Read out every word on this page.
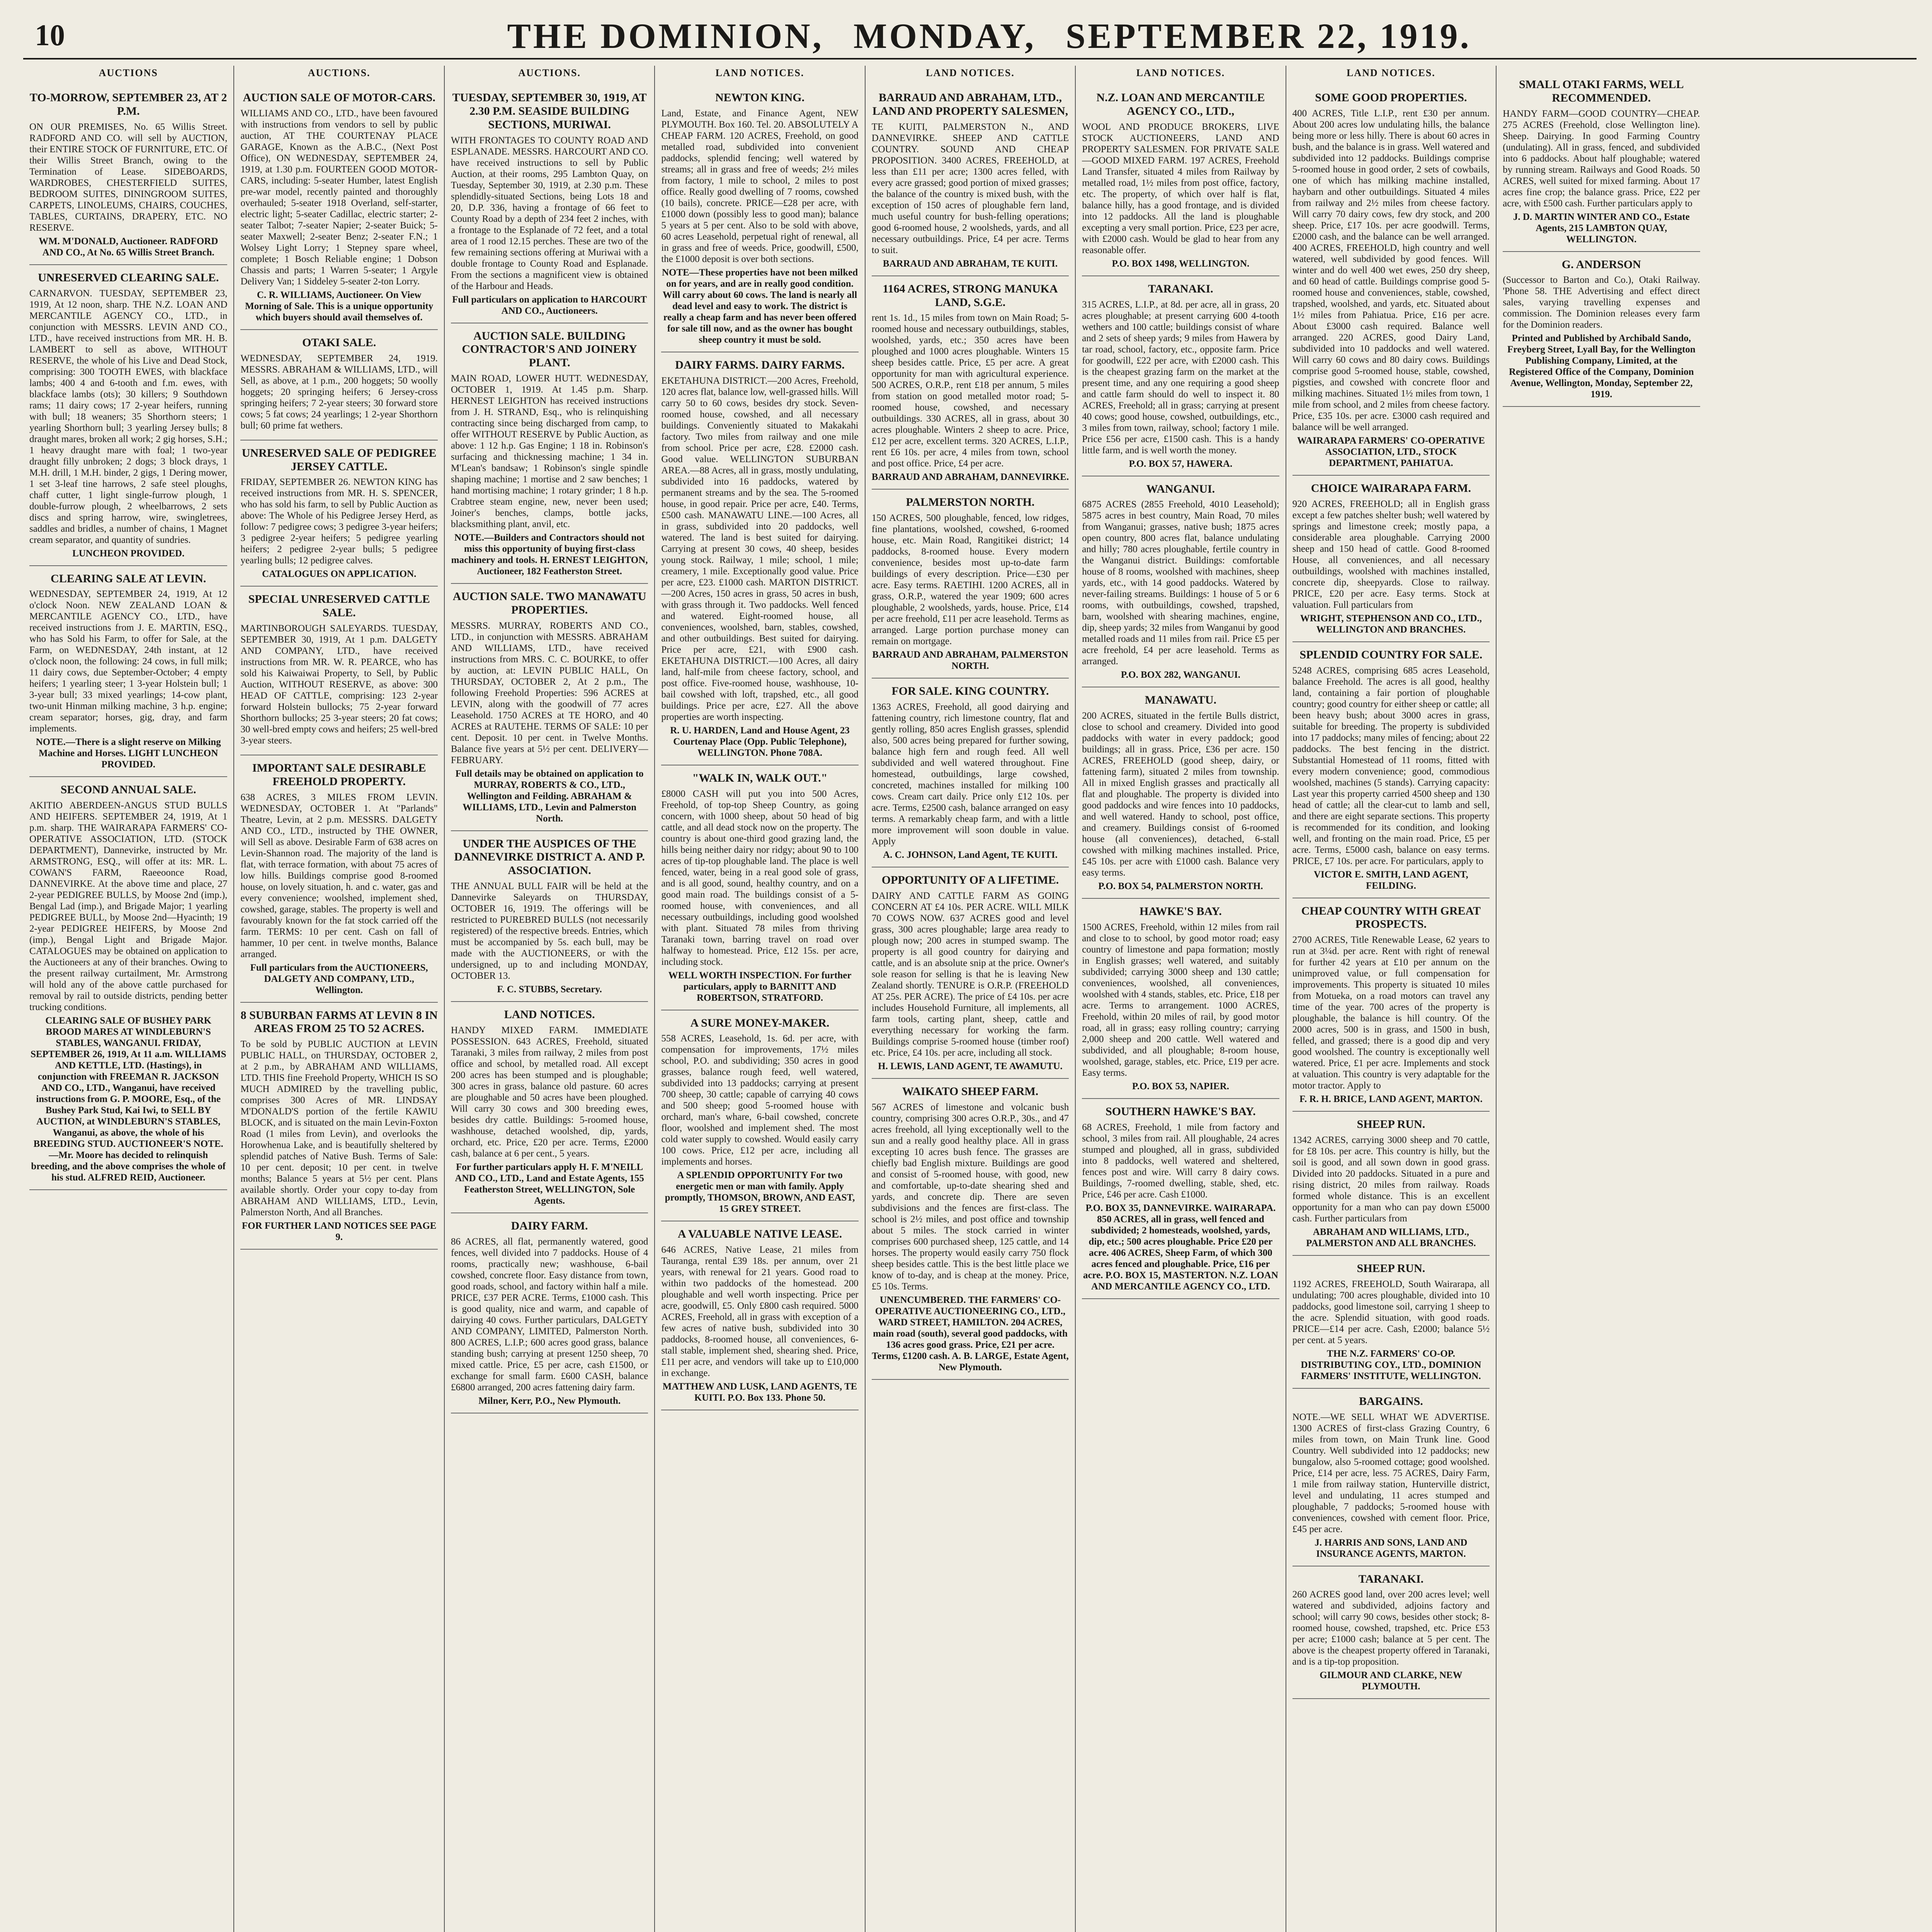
10	THE DOMINION, MONDAY, SEPTEMBER 22, 1919.
AUCTIONS
TO-MORROW, SEPTEMBER 23, AT 2 P.M.

ON OUR PREMISES, No. 65 Willis Street. RADFORD AND CO. will sell by AUCTION, their ENTIRE STOCK OF FURNITURE, ETC. Of their Willis Street Branch, owing to the Termination of Lease. SIDEBOARDS, WARDROBES, CHESTERFIELD SUITES, BEDROOM SUITES, DININGROOM SUITES, CARPETS, LINOLEUMS, CHAIRS, COUCHES, TABLES, CURTAINS, DRAPERY, ETC. NO RESERVE.

WM. M'DONALD, Auctioneer. RADFORD AND CO., At No. 65 Willis Street Branch.
UNRESERVED CLEARING SALE.

CARNARVON. TUESDAY, SEPTEMBER 23, 1919, At 12 noon, sharp. THE N.Z. LOAN AND MERCANTILE AGENCY CO., LTD., in conjunction with MESSRS. LEVIN AND CO., LTD., have received instructions from MR. H. B. LAMBERT to sell as above, WITHOUT RESERVE, the whole of his Live and Dead Stock, comprising: 300 TOOTH EWES, with blackface lambs; 400 4 and 6-tooth and f.m. ewes, with blackface lambs (ots); 30 killers; 9 Southdown rams; 11 dairy cows; 17 2-year heifers, running with bull; 18 weaners; 35 Shorthorn steers; 1 yearling Shorthorn bull; 3 yearling Jersey bulls; 8 draught mares, broken all work; 2 gig horses, S.H.; 1 heavy draught mare with foal; 1 two-year draught filly unbroken; 2 dogs; 3 block drays, 1 M.H. drill, 1 M.H. binder, 2 gigs, 1 Dering mower, 1 set 3-leaf tine harrows, 2 safe steel ploughs, chaff cutter, 1 light single-furrow plough, 1 double-furrow plough, 2 wheelbarrows, 2 sets discs and spring harrow, wire, swingletrees, saddles and bridles, a number of chains, 1 Magnet cream separator, and quantity of sundries.

LUNCHEON PROVIDED.
CLEARING SALE AT LEVIN.

WEDNESDAY, SEPTEMBER 24, 1919, At 12 o'clock Noon. NEW ZEALAND LOAN & MERCANTILE AGENCY CO., LTD., have received instructions from J. E. MARTIN, ESQ., who has Sold his Farm, to offer for Sale, at the Farm, on WEDNESDAY, 24th instant, at 12 o'clock noon, the following: 24 cows, in full milk; 11 dairy cows, due September-October; 4 empty heifers; 1 yearling steer; 1 3-year Holstein bull; 1 3-year bull; 33 mixed yearlings; 14-cow plant, two-unit Hinman milking machine, 3 h.p. engine; cream separator; horses, gig, dray, and farm implements.

NOTE.—There is a slight reserve on Milking Machine and Horses. LIGHT LUNCHEON PROVIDED.
SECOND ANNUAL SALE.

AKITIO ABERDEEN-ANGUS STUD BULLS AND HEIFERS. SEPTEMBER 24, 1919, At 1 p.m. sharp. THE WAIRARAPA FARMERS' CO-OPERATIVE ASSOCIATION, LTD. (STOCK DEPARTMENT), Dannevirke, instructed by Mr. ARMSTRONG, ESQ., will offer at its: MR. L. COWAN'S FARM, Raeeoonce Road, DANNEVIRKE. At the above time and place, 27 2-year PEDIGREE BULLS, by Moose 2nd (imp.), Bengal Lad (imp.), and Brigade Major; 1 yearling PEDIGREE BULL, by Moose 2nd—Hyacinth; 19 2-year PEDIGREE HEIFERS, by Moose 2nd (imp.), Bengal Light and Brigade Major. CATALOGUES may be obtained on application to the Auctioneers at any of their branches. Owing to the present railway curtailment, Mr. Armstrong will hold any of the above cattle purchased for removal by rail to outside districts, pending better trucking conditions.

CLEARING SALE OF BUSHEY PARK BROOD MARES AT WINDLEBURN'S STABLES, WANGANUI. FRIDAY, SEPTEMBER 26, 1919, At 11 a.m. WILLIAMS AND KETTLE, LTD. (Hastings), in conjunction with FREEMAN R. JACKSON AND CO., LTD., Wanganui, have received instructions from G. P. MOORE, Esq., of the Bushey Park Stud, Kai Iwi, to SELL BY AUCTION, at WINDLEBURN'S STABLES, Wanganui, as above, the whole of his BREEDING STUD. AUCTIONEER'S NOTE.—Mr. Moore has decided to relinquish breeding, and the above comprises the whole of his stud. ALFRED REID, Auctioneer.
AUCTIONS.
AUCTION SALE OF MOTOR-CARS.

WILLIAMS AND CO., LTD., have been favoured with instructions from vendors to sell by public auction, AT THE COURTENAY PLACE GARAGE, Known as the A.B.C., (Next Post Office), ON WEDNESDAY, SEPTEMBER 24, 1919, at 1.30 p.m. FOURTEEN GOOD MOTOR-CARS, including: 5-seater Humber, latest English pre-war model, recently painted and thoroughly overhauled; 5-seater 1918 Overland, self-starter, electric light; 5-seater Cadillac, electric starter; 2-seater Talbot; 7-seater Napier; 2-seater Buick; 5-seater Maxwell; 2-seater Benz; 2-seater F.N.; 1 Wolsey Light Lorry; 1 Stepney spare wheel, complete; 1 Bosch Reliable engine; 1 Dobson Chassis and parts; 1 Warren 5-seater; 1 Argyle Delivery Van; 1 Siddeley 5-seater 2-ton Lorry.

C. R. WILLIAMS, Auctioneer. On View Morning of Sale. This is a unique opportunity which buyers should avail themselves of.
OTAKI SALE.

WEDNESDAY, SEPTEMBER 24, 1919. MESSRS. ABRAHAM & WILLIAMS, LTD., will Sell, as above, at 1 p.m., 200 hoggets; 50 woolly hoggets; 20 springing heifers; 6 Jersey-cross springing heifers; 7 2-year steers; 30 forward store cows; 5 fat cows; 24 yearlings; 1 2-year Shorthorn bull; 60 prime fat wethers.

UNRESERVED SALE OF PEDIGREE JERSEY CATTLE.

FRIDAY, SEPTEMBER 26. NEWTON KING has received instructions from MR. H. S. SPENCER, who has sold his farm, to sell by Public Auction as above: The Whole of his Pedigree Jersey Herd, as follow: 7 pedigree cows; 3 pedigree 3-year heifers; 3 pedigree 2-year heifers; 5 pedigree yearling heifers; 2 pedigree 2-year bulls; 5 pedigree yearling bulls; 12 pedigree calves.

CATALOGUES ON APPLICATION.
SPECIAL UNRESERVED CATTLE SALE.

MARTINBOROUGH SALEYARDS. TUESDAY, SEPTEMBER 30, 1919, At 1 p.m. DALGETY AND COMPANY, LTD., have received instructions from MR. W. R. PEARCE, who has sold his Kaiwaiwai Property, to Sell, by Public Auction, WITHOUT RESERVE, as above: 300 HEAD OF CATTLE, comprising: 123 2-year forward Holstein bullocks; 75 2-year forward Shorthorn bullocks; 25 3-year steers; 20 fat cows; 30 well-bred empty cows and heifers; 25 well-bred 3-year steers.

IMPORTANT SALE DESIRABLE FREEHOLD PROPERTY.

638 ACRES, 3 MILES FROM LEVIN. WEDNESDAY, OCTOBER 1. At "Parlands" Theatre, Levin, at 2 p.m. MESSRS. DALGETY AND CO., LTD., instructed by THE OWNER, will Sell as above. Desirable Farm of 638 acres on Levin-Shannon road. The majority of the land is flat, with terrace formation, with about 75 acres of low hills. Buildings comprise good 8-roomed house, on lovely situation, h. and c. water, gas and every convenience; woolshed, implement shed, cowshed, garage, stables. The property is well and favourably known for the fat stock carried off the farm. TERMS: 10 per cent. Cash on fall of hammer, 10 per cent. in twelve months, Balance arranged.

Full particulars from the AUCTIONEERS, DALGETY AND COMPANY, LTD., Wellington.
8 SUBURBAN FARMS AT LEVIN 8 IN AREAS FROM 25 TO 52 ACRES.

To be sold by PUBLIC AUCTION at LEVIN PUBLIC HALL, on THURSDAY, OCTOBER 2, at 2 p.m., by ABRAHAM AND WILLIAMS, LTD. THIS fine Freehold Property, WHICH IS SO MUCH ADMIRED by the travelling public, comprises 300 Acres of MR. LINDSAY M'DONALD'S portion of the fertile KAWIU BLOCK, and is situated on the main Levin-Foxton Road (1 miles from Levin), and overlooks the Horowhenua Lake, and is beautifully sheltered by splendid patches of Native Bush. Terms of Sale: 10 per cent. deposit; 10 per cent. in twelve months; Balance 5 years at 5½ per cent. Plans available shortly. Order your copy to-day from ABRAHAM AND WILLIAMS, LTD., Levin, Palmerston North, And all Branches.

FOR FURTHER LAND NOTICES SEE PAGE 9.
AUCTIONS.
TUESDAY, SEPTEMBER 30, 1919, AT 2.30 P.M. SEASIDE BUILDING SECTIONS, MURIWAI.

WITH FRONTAGES TO COUNTY ROAD AND ESPLANADE. MESSRS. HARCOURT AND CO. have received instructions to sell by Public Auction, at their rooms, 295 Lambton Quay, on Tuesday, September 30, 1919, at 2.30 p.m. These splendidly-situated Sections, being Lots 18 and 20, D.P. 336, having a frontage of 66 feet to County Road by a depth of 234 feet 2 inches, with a frontage to the Esplanade of 72 feet, and a total area of 1 rood 12.15 perches. These are two of the few remaining sections offering at Muriwai with a double frontage to County Road and Esplanade. From the sections a magnificent view is obtained of the Harbour and Heads.

Full particulars on application to HARCOURT AND CO., Auctioneers.
AUCTION SALE. BUILDING CONTRACTOR'S AND JOINERY PLANT.

MAIN ROAD, LOWER HUTT. WEDNESDAY, OCTOBER 1, 1919. At 1.45 p.m. Sharp. HERNEST LEIGHTON has received instructions from J. H. STRAND, Esq., who is relinquishing contracting since being discharged from camp, to offer WITHOUT RESERVE by Public Auction, as above: 1 12 h.p. Gas Engine; 1 18 in. Robinson's surfacing and thicknessing machine; 1 34 in. M'Lean's bandsaw; 1 Robinson's single spindle shaping machine; 1 mortise and 2 saw benches; 1 hand mortising machine; 1 rotary grinder; 1 8 h.p. Crabtree steam engine, new, never been used; Joiner's benches, clamps, bottle jacks, blacksmithing plant, anvil, etc.

NOTE.—Builders and Contractors should not miss this opportunity of buying first-class machinery and tools. H. ERNEST LEIGHTON, Auctioneer, 182 Featherston Street.
AUCTION SALE. TWO MANAWATU PROPERTIES.

MESSRS. MURRAY, ROBERTS AND CO., LTD., in conjunction with MESSRS. ABRAHAM AND WILLIAMS, LTD., have received instructions from MRS. C. C. BOURKE, to offer by auction, at: LEVIN PUBLIC HALL, On THURSDAY, OCTOBER 2, At 2 p.m., The following Freehold Properties: 596 ACRES at LEVIN, along with the goodwill of 77 acres Leasehold. 1750 ACRES at TE HORO, and 40 ACRES at RAUTEHE. TERMS OF SALE: 10 per cent. Deposit. 10 per cent. in Twelve Months. Balance five years at 5½ per cent. DELIVERY—FEBRUARY.

Full details may be obtained on application to MURRAY, ROBERTS & CO., LTD., Wellington and Feilding. ABRAHAM & WILLIAMS, LTD., Levin and Palmerston North.
UNDER THE AUSPICES OF THE DANNEVIRKE DISTRICT A. AND P. ASSOCIATION.

THE ANNUAL BULL FAIR will be held at the Dannevirke Saleyards on THURSDAY, OCTOBER 16, 1919. The offerings will be restricted to PUREBRED BULLS (not necessarily registered) of the respective breeds. Entries, which must be accompanied by 5s. each bull, may be made with the AUCTIONEERS, or with the undersigned, up to and including MONDAY, OCTOBER 13.

F. C. STUBBS, Secretary.
LAND NOTICES.

HANDY MIXED FARM. IMMEDIATE POSSESSION. 643 ACRES, Freehold, situated Taranaki, 3 miles from railway, 2 miles from post office and school, by metalled road. All except 200 acres has been stumped and is ploughable; 300 acres in grass, balance old pasture. 60 acres are ploughable and 50 acres have been ploughed. Will carry 30 cows and 300 breeding ewes, besides dry cattle. Buildings: 5-roomed house, washhouse, detached woolshed, dip, yards, orchard, etc. Price, £20 per acre. Terms, £2000 cash, balance at 6 per cent., 5 years.

For further particulars apply H. F. M'NEILL AND CO., LTD., Land and Estate Agents, 155 Featherston Street, WELLINGTON, Sole Agents.
DAIRY FARM.

86 ACRES, all flat, permanently watered, good fences, well divided into 7 paddocks. House of 4 rooms, practically new; washhouse, 6-bail cowshed, concrete floor. Easy distance from town, good roads, school, and factory within half a mile. PRICE, £37 PER ACRE. Terms, £1000 cash. This is good quality, nice and warm, and capable of dairying 40 cows. Further particulars, DALGETY AND COMPANY, LIMITED, Palmerston North. 800 ACRES, L.I.P.; 600 acres good grass, balance standing bush; carrying at present 1250 sheep, 70 mixed cattle. Price, £5 per acre, cash £1500, or exchange for small farm. £600 CASH, balance £6800 arranged, 200 acres fattening dairy farm.

Milner, Kerr, P.O., New Plymouth.
LAND NOTICES.
NEWTON KING.

Land, Estate, and Finance Agent, NEW PLYMOUTH. Box 160. Tel. 20. ABSOLUTELY A CHEAP FARM. 120 ACRES, Freehold, on good metalled road, subdivided into convenient paddocks, splendid fencing; well watered by streams; all in grass and free of weeds; 2½ miles from factory, 1 mile to school, 2 miles to post office. Really good dwelling of 7 rooms, cowshed (10 bails), concrete. PRICE—£28 per acre, with £1000 down (possibly less to good man); balance 5 years at 5 per cent. Also to be sold with above, 60 acres Leasehold, perpetual right of renewal, all in grass and free of weeds. Price, goodwill, £500, the £1000 deposit is over both sections.

NOTE—These properties have not been milked on for years, and are in really good condition. Will carry about 60 cows. The land is nearly all dead level and easy to work. The district is really a cheap farm and has never been offered for sale till now, and as the owner has bought sheep country it must be sold.
DAIRY FARMS. DAIRY FARMS.

EKETAHUNA DISTRICT.—200 Acres, Freehold, 120 acres flat, balance low, well-grassed hills. Will carry 50 to 60 cows, besides dry stock. Seven-roomed house, cowshed, and all necessary buildings. Conveniently situated to Makakahi factory. Two miles from railway and one mile from school. Price per acre, £28. £2000 cash. Good value. WELLINGTON SUBURBAN AREA.—88 Acres, all in grass, mostly undulating, subdivided into 16 paddocks, watered by permanent streams and by the sea. The 5-roomed house, in good repair. Price per acre, £40. Terms, £500 cash. MANAWATU LINE.—100 Acres, all in grass, subdivided into 20 paddocks, well watered. The land is best suited for dairying. Carrying at present 30 cows, 40 sheep, besides young stock. Railway, 1 mile; school, 1 mile; creamery, 1 mile. Exceptionally good value. Price per acre, £23. £1000 cash. MARTON DISTRICT.—200 Acres, 150 acres in grass, 50 acres in bush, with grass through it. Two paddocks. Well fenced and watered. Eight-roomed house, all conveniences, woolshed, barn, stables, cowshed, and other outbuildings. Best suited for dairying. Price per acre, £21, with £900 cash. EKETAHUNA DISTRICT.—100 Acres, all dairy land, half-mile from cheese factory, school, and post office. Five-roomed house, washhouse, 10-bail cowshed with loft, trapshed, etc., all good buildings. Price per acre, £27. All the above properties are worth inspecting.

R. U. HARDEN, Land and House Agent, 23 Courtenay Place (Opp. Public Telephone), WELLINGTON. Phone 708A.
"WALK IN, WALK OUT."

£8000 CASH will put you into 500 Acres, Freehold, of top-top Sheep Country, as going concern, with 1000 sheep, about 50 head of big cattle, and all dead stock now on the property. The country is about one-third good grazing land, the hills being neither dairy nor ridgy; about 90 to 100 acres of tip-top ploughable land. The place is well fenced, water, being in a real good sole of grass, and is all good, sound, healthy country, and on a good main road. The buildings consist of a 5-roomed house, with conveniences, and all necessary outbuildings, including good woolshed with plant. Situated 78 miles from thriving Taranaki town, barring travel on road over halfway to homestead. Price, £12 15s. per acre, including stock.

WELL WORTH INSPECTION. For further particulars, apply to BARNITT AND ROBERTSON, STRATFORD.
A SURE MONEY-MAKER.

558 ACRES, Leasehold, 1s. 6d. per acre, with compensation for improvements, 17½ miles school, P.O. and subdividing; 350 acres in good grasses, balance rough feed, well watered, subdivided into 13 paddocks; carrying at present 700 sheep, 30 cattle; capable of carrying 40 cows and 500 sheep; good 5-roomed house with orchard, man's whare, 6-bail cowshed, concrete floor, woolshed and implement shed. The most cold water supply to cowshed. Would easily carry 100 cows. Price, £12 per acre, including all implements and horses.

A SPLENDID OPPORTUNITY For two energetic men or man with family. Apply promptly, THOMSON, BROWN, AND EAST, 15 GREY STREET.
A VALUABLE NATIVE LEASE.

646 ACRES, Native Lease, 21 miles from Tauranga, rental £39 18s. per annum, over 21 years, with renewal for 21 years. Good road to within two paddocks of the homestead. 200 ploughable and well worth inspecting. Price per acre, goodwill, £5. Only £800 cash required. 5000 ACRES, Freehold, all in grass with exception of a few acres of native bush, subdivided into 30 paddocks, 8-roomed house, all conveniences, 6-stall stable, implement shed, shearing shed. Price, £11 per acre, and vendors will take up to £10,000 in exchange.

MATTHEW AND LUSK, LAND AGENTS, TE KUITI. P.O. Box 133. Phone 50.
LAND NOTICES.
BARRAUD AND ABRAHAM, LTD., LAND AND PROPERTY SALESMEN,

TE KUITI, PALMERSTON N., AND DANNEVIRKE. SHEEP AND CATTLE COUNTRY. SOUND AND CHEAP PROPOSITION. 3400 ACRES, FREEHOLD, at less than £11 per acre; 1300 acres felled, with every acre grassed; good portion of mixed grasses; the balance of the country is mixed bush, with the exception of 150 acres of ploughable fern land, much useful country for bush-felling operations; good 6-roomed house, 2 woolsheds, yards, and all necessary outbuildings. Price, £4 per acre. Terms to suit.

BARRAUD AND ABRAHAM, TE KUITI.
1164 ACRES, STRONG MANUKA LAND, S.G.E.

rent 1s. 1d., 15 miles from town on Main Road; 5-roomed house and necessary outbuildings, stables, woolshed, yards, etc.; 350 acres have been ploughed and 1000 acres ploughable. Winters 15 sheep besides cattle. Price, £5 per acre. A great opportunity for man with agricultural experience. 500 ACRES, O.R.P., rent £18 per annum, 5 miles from station on good metalled motor road; 5-roomed house, cowshed, and necessary outbuildings. 330 ACRES, all in grass, about 30 acres ploughable. Winters 2 sheep to acre. Price, £12 per acre, excellent terms. 320 ACRES, L.I.P., rent £6 10s. per acre, 4 miles from town, school and post office. Price, £4 per acre.

BARRAUD AND ABRAHAM, DANNEVIRKE.
PALMERSTON NORTH.

150 ACRES, 500 ploughable, fenced, low ridges, fine plantations, woolshed, cowshed, 6-roomed house, etc. Main Road, Rangitikei district; 14 paddocks, 8-roomed house. Every modern convenience, besides most up-to-date farm buildings of every description. Price—£30 per acre. Easy terms. RAETIHI. 1200 ACRES, all in grass, O.R.P., watered the year 1909; 600 acres ploughable, 2 woolsheds, yards, house. Price, £14 per acre freehold, £11 per acre leasehold. Terms as arranged. Large portion purchase money can remain on mortgage.

BARRAUD AND ABRAHAM, PALMERSTON NORTH.
FOR SALE. KING COUNTRY.

1363 ACRES, Freehold, all good dairying and fattening country, rich limestone country, flat and gently rolling, 850 acres English grasses, splendid also, 500 acres being prepared for further sowing, balance high fern and rough feed. All well subdivided and well watered throughout. Fine homestead, outbuildings, large cowshed, concreted, machines installed for milking 100 cows. Cream cart daily. Price only £12 10s. per acre. Terms, £2500 cash, balance arranged on easy terms. A remarkably cheap farm, and with a little more improvement will soon double in value. Apply

A. C. JOHNSON, Land Agent, TE KUITI.
OPPORTUNITY OF A LIFETIME.

DAIRY AND CATTLE FARM AS GOING CONCERN AT £4 10s. PER ACRE. WILL MILK 70 COWS NOW. 637 ACRES good and level grass, 300 acres ploughable; large area ready to plough now; 200 acres in stumped swamp. The property is all good country for dairying and cattle, and is an absolute snip at the price. Owner's sole reason for selling is that he is leaving New Zealand shortly. TENURE is O.R.P. (FREEHOLD AT 25s. PER ACRE). The price of £4 10s. per acre includes Household Furniture, all implements, all farm tools, carting plant, sheep, cattle and everything necessary for working the farm. Buildings comprise 5-roomed house (timber roof) etc. Price, £4 10s. per acre, including all stock.

H. LEWIS, LAND AGENT, TE AWAMUTU.
WAIKATO SHEEP FARM.

567 ACRES of limestone and volcanic bush country, comprising 300 acres O.R.P., 30s., and 47 acres freehold, all lying exceptionally well to the sun and a really good healthy place. All in grass excepting 10 acres bush fence. The grasses are chiefly bad English mixture. Buildings are good and consist of 5-roomed house, with good, new and comfortable, up-to-date shearing shed and yards, and concrete dip. There are seven subdivisions and the fences are first-class. The school is 2½ miles, and post office and township about 5 miles. The stock carried in winter comprises 600 purchased sheep, 125 cattle, and 14 horses. The property would easily carry 750 flock sheep besides cattle. This is the best little place we know of to-day, and is cheap at the money. Price, £5 10s. Terms.

UNENCUMBERED. THE FARMERS' CO-OPERATIVE AUCTIONEERING CO., LTD., WARD STREET, HAMILTON. 204 ACRES, main road (south), several good paddocks, with 136 acres good grass. Price, £21 per acre. Terms, £1200 cash. A. B. LARGE, Estate Agent, New Plymouth.
LAND NOTICES.
N.Z. LOAN AND MERCANTILE AGENCY CO., LTD.,

WOOL AND PRODUCE BROKERS, LIVE STOCK AUCTIONEERS, LAND AND PROPERTY SALESMEN. FOR PRIVATE SALE—GOOD MIXED FARM. 197 ACRES, Freehold Land Transfer, situated 4 miles from Railway by metalled road, 1½ miles from post office, factory, etc. The property, of which over half is flat, balance hilly, has a good frontage, and is divided into 12 paddocks. All the land is ploughable excepting a very small portion. Price, £23 per acre, with £2000 cash. Would be glad to hear from any reasonable offer.

P.O. BOX 1498, WELLINGTON.
TARANAKI.

315 ACRES, L.I.P., at 8d. per acre, all in grass, 20 acres ploughable; at present carrying 600 4-tooth wethers and 100 cattle; buildings consist of whare and 2 sets of sheep yards; 9 miles from Hawera by tar road, school, factory, etc., opposite farm. Price for goodwill, £22 per acre, with £2000 cash. This is the cheapest grazing farm on the market at the present time, and any one requiring a good sheep and cattle farm should do well to inspect it. 80 ACRES, Freehold; all in grass; carrying at present 40 cows; good house, cowshed, outbuildings, etc., 3 miles from town, railway, school; factory 1 mile. Price £56 per acre, £1500 cash. This is a handy little farm, and is well worth the money.

P.O. BOX 57, HAWERA.
WANGANUI.

6875 ACRES (2855 Freehold, 4010 Leasehold); 5875 acres in best country, Main Road, 70 miles from Wanganui; grasses, native bush; 1875 acres open country, 800 acres flat, balance undulating and hilly; 780 acres ploughable, fertile country in the Wanganui district. Buildings: comfortable house of 8 rooms, woolshed with machines, sheep yards, etc., with 14 good paddocks. Watered by never-failing streams. Buildings: 1 house of 5 or 6 rooms, with outbuildings, cowshed, trapshed, barn, woolshed with shearing machines, engine, dip, sheep yards; 32 miles from Wanganui by good metalled roads and 11 miles from rail. Price £5 per acre freehold, £4 per acre leasehold. Terms as arranged.

P.O. BOX 282, WANGANUI.
MANAWATU.

200 ACRES, situated in the fertile Bulls district, close to school and creamery. Divided into good paddocks with water in every paddock; good buildings; all in grass. Price, £36 per acre. 150 ACRES, FREEHOLD (good sheep, dairy, or fattening farm), situated 2 miles from township. All in mixed English grasses and practically all flat and ploughable. The property is divided into good paddocks and wire fences into 10 paddocks, and well watered. Handy to school, post office, and creamery. Buildings consist of 6-roomed house (all conveniences), detached, 6-stall cowshed with milking machines installed. Price, £45 10s. per acre with £1000 cash. Balance very easy terms.

P.O. BOX 54, PALMERSTON NORTH.
HAWKE'S BAY.

1500 ACRES, Freehold, within 12 miles from rail and close to to school, by good motor road; easy country of limestone and papa formation; mostly in English grasses; well watered, and suitably subdivided; carrying 3000 sheep and 130 cattle; conveniences, woolshed, all conveniences, woolshed with 4 stands, stables, etc. Price, £18 per acre. Terms to arrangement. 1000 ACRES, Freehold, within 20 miles of rail, by good motor road, all in grass; easy rolling country; carrying 2,000 sheep and 200 cattle. Well watered and subdivided, and all ploughable; 8-room house, woolshed, garage, stables, etc. Price, £19 per acre. Easy terms.

P.O. BOX 53, NAPIER.
SOUTHERN HAWKE'S BAY.

68 ACRES, Freehold, 1 mile from factory and school, 3 miles from rail. All ploughable, 24 acres stumped and ploughed, all in grass, subdivided into 8 paddocks, well watered and sheltered, fences post and wire. Will carry 8 dairy cows. Buildings, 7-roomed dwelling, stable, shed, etc. Price, £46 per acre. Cash £1000.

P.O. BOX 35, DANNEVIRKE. WAIRARAPA. 850 ACRES, all in grass, well fenced and subdivided; 2 homesteads, woolshed, yards, dip, etc.; 500 acres ploughable. Price £20 per acre. 406 ACRES, Sheep Farm, of which 300 acres fenced and ploughable. Price, £16 per acre. P.O. BOX 15, MASTERTON. N.Z. LOAN AND MERCANTILE AGENCY CO., LTD.
LAND NOTICES.
SOME GOOD PROPERTIES.

400 ACRES, Title L.I.P., rent £30 per annum. About 200 acres low undulating hills, the balance being more or less hilly. There is about 60 acres in bush, and the balance is in grass. Well watered and subdivided into 12 paddocks. Buildings comprise 5-roomed house in good order, 2 sets of cowbails, one of which has milking machine installed, haybarn and other outbuildings. Situated 4 miles from railway and 2½ miles from cheese factory. Will carry 70 dairy cows, few dry stock, and 200 sheep. Price, £17 10s. per acre goodwill. Terms, £2000 cash, and the balance can be well arranged. 400 ACRES, FREEHOLD, high country and well watered, well subdivided by good fences. Will winter and do well 400 wet ewes, 250 dry sheep, and 60 head of cattle. Buildings comprise good 5-roomed house and conveniences, stable, cowshed, trapshed, woolshed, and yards, etc. Situated about 1½ miles from Pahiatua. Price, £16 per acre. About £3000 cash required. Balance well arranged. 220 ACRES, good Dairy Land, subdivided into 10 paddocks and well watered. Will carry 60 cows and 80 dairy cows. Buildings comprise good 5-roomed house, stable, cowshed, pigsties, and cowshed with concrete floor and milking machines. Situated 1½ miles from town, 1 mile from school, and 2 miles from cheese factory. Price, £35 10s. per acre. £3000 cash required and balance will be well arranged.

WAIRARAPA FARMERS' CO-OPERATIVE ASSOCIATION, LTD., STOCK DEPARTMENT, PAHIATUA.
CHOICE WAIRARAPA FARM.

920 ACRES, FREEHOLD; all in English grass except a few patches shelter bush; well watered by springs and limestone creek; mostly papa, a considerable area ploughable. Carrying 2000 sheep and 150 head of cattle. Good 8-roomed House, all conveniences, and all necessary outbuildings, woolshed with machines installed, concrete dip, sheepyards. Close to railway. PRICE, £20 per acre. Easy terms. Stock at valuation. Full particulars from

WRIGHT, STEPHENSON AND CO., LTD., WELLINGTON AND BRANCHES.
SPLENDID COUNTRY FOR SALE.

5248 ACRES, comprising 685 acres Leasehold, balance Freehold. The acres is all good, healthy land, containing a fair portion of ploughable country; good country for either sheep or cattle; all been heavy bush; about 3000 acres in grass, suitable for breeding. The property is subdivided into 17 paddocks; many miles of fencing; about 22 paddocks. The best fencing in the district. Substantial Homestead of 11 rooms, fitted with every modern convenience; good, commodious woolshed, machines (5 stands). Carrying capacity: Last year this property carried 4500 sheep and 130 head of cattle; all the clear-cut to lamb and sell, and there are eight separate sections. This property is recommended for its condition, and looking well, and fronting on the main road. Price, £5 per acre. Terms, £5000 cash, balance on easy terms. PRICE, £7 10s. per acre. For particulars, apply to

VICTOR E. SMITH, LAND AGENT, FEILDING.
CHEAP COUNTRY WITH GREAT PROSPECTS.

2700 ACRES, Title Renewable Lease, 62 years to run at 3¼d. per acre. Rent with right of renewal for further 42 years at £10 per annum on the unimproved value, or full compensation for improvements. This property is situated 10 miles from Motueka, on a road motors can travel any time of the year. 700 acres of the property is ploughable, the balance is hill country. Of the 2000 acres, 500 is in grass, and 1500 in bush, felled, and grassed; there is a good dip and very good woolshed. The country is exceptionally well watered. Price, £1 per acre. Implements and stock at valuation. This country is very adaptable for the motor tractor. Apply to

F. R. H. BRICE, LAND AGENT, MARTON.
SHEEP RUN.

1342 ACRES, carrying 3000 sheep and 70 cattle, for £8 10s. per acre. This country is hilly, but the soil is good, and all sown down in good grass. Divided into 20 paddocks. Situated in a pure and rising district, 20 miles from railway. Roads formed whole distance. This is an excellent opportunity for a man who can pay down £5000 cash. Further particulars from

ABRAHAM AND WILLIAMS, LTD., PALMERSTON AND ALL BRANCHES.
SHEEP RUN.

1192 ACRES, FREEHOLD, South Wairarapa, all undulating; 700 acres ploughable, divided into 10 paddocks, good limestone soil, carrying 1 sheep to the acre. Splendid situation, with good roads. PRICE—£14 per acre. Cash, £2000; balance 5½ per cent. at 5 years.

THE N.Z. FARMERS' CO-OP. DISTRIBUTING COY., LTD., DOMINION FARMERS' INSTITUTE, WELLINGTON.
BARGAINS.

NOTE.—WE SELL WHAT WE ADVERTISE. 1300 ACRES of first-class Grazing Country, 6 miles from town, on Main Trunk line. Good Country. Well subdivided into 12 paddocks; new bungalow, also 5-roomed cottage; good woolshed. Price, £14 per acre, less. 75 ACRES, Dairy Farm, 1 mile from railway station, Hunterville district, level and undulating, 11 acres stumped and ploughable, 7 paddocks; 5-roomed house with conveniences, cowshed with cement floor. Price, £45 per acre.

J. HARRIS AND SONS, LAND AND INSURANCE AGENTS, MARTON.
TARANAKI.

260 ACRES good land, over 200 acres level; well watered and subdivided, adjoins factory and school; will carry 90 cows, besides other stock; 8-roomed house, cowshed, trapshed, etc. Price £53 per acre; £1000 cash; balance at 5 per cent. The above is the cheapest property offered in Taranaki, and is a tip-top proposition.

GILMOUR AND CLARKE, NEW PLYMOUTH.
SMALL OTAKI FARMS, WELL RECOMMENDED.

HANDY FARM—GOOD COUNTRY—CHEAP. 275 ACRES (Freehold, close Wellington line). Sheep. Dairying. In good Farming Country (undulating). All in grass, fenced, and subdivided into 6 paddocks. About half ploughable; watered by running stream. Railways and Good Roads. 50 ACRES, well suited for mixed farming. About 17 acres fine crop; the balance grass. Price, £22 per acre, with £500 cash. Further particulars apply to

J. D. MARTIN WINTER AND CO., Estate Agents, 215 LAMBTON QUAY, WELLINGTON.
G. ANDERSON

(Successor to Barton and Co.), Otaki Railway. 'Phone 58. THE Advertising and effect direct sales, varying travelling expenses and commission. The Dominion releases every farm for the Dominion readers.

Printed and Published by Archibald Sando, Freyberg Street, Lyall Bay, for the Wellington Publishing Company, Limited, at the Registered Office of the Company, Dominion Avenue, Wellington, Monday, September 22, 1919.
